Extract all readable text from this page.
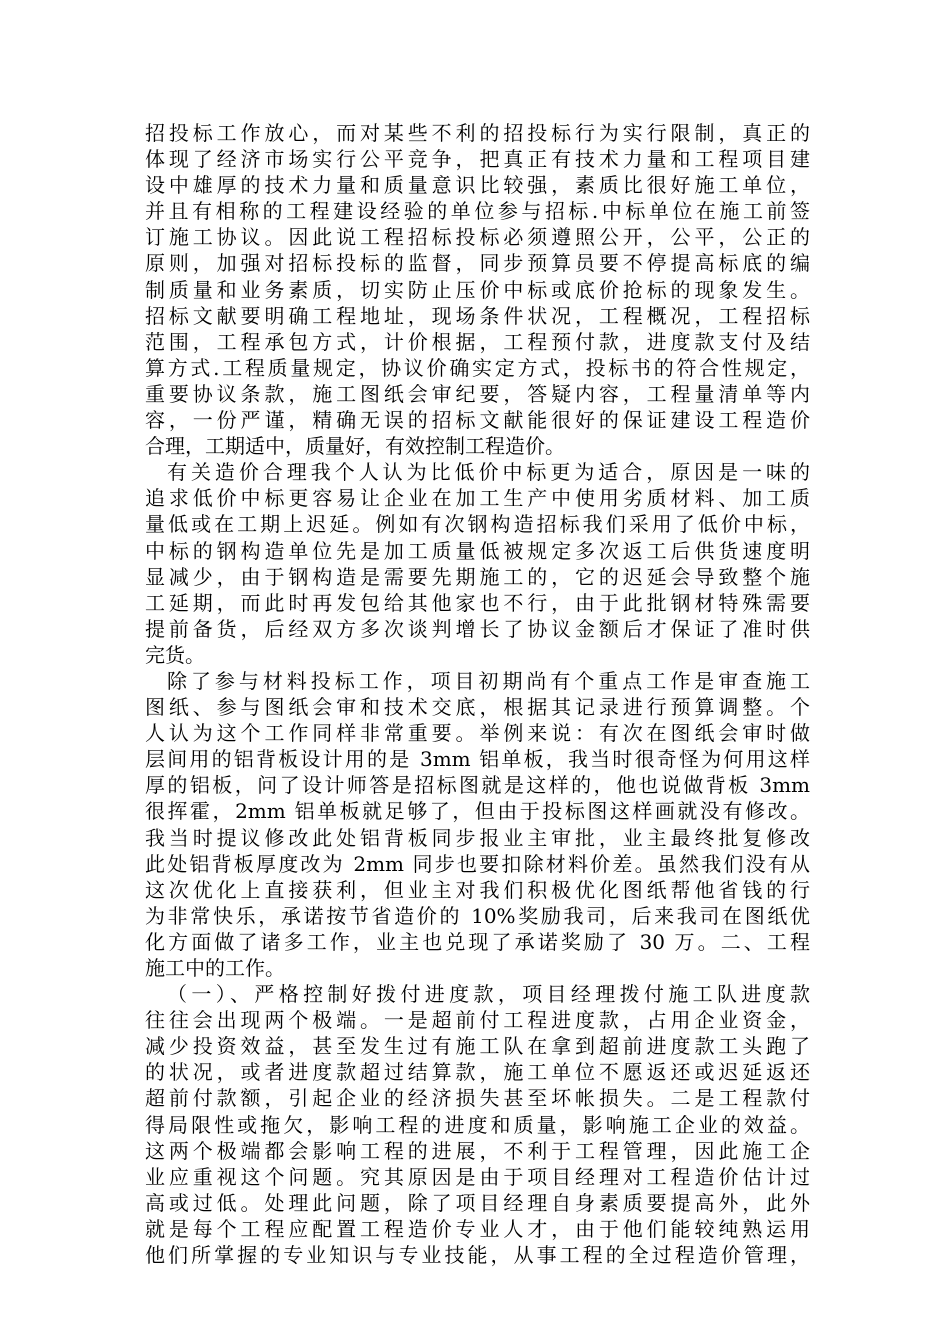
招投标工作放心，而对某些不利的招投标行为实行限制，真正的
体现了经济市场实行公平竞争，把真正有技术力量和工程项目建
设中雄厚的技术力量和质量意识比较强，素质比很好施工单位，
并且有相称的工程建设经验的单位参与招标.中标单位在施工前签
订施工协议。因此说工程招标投标必须遵照公开，公平，公正的
原则，加强对招标投标的监督，同步预算员要不停提高标底的编
制质量和业务素质，切实防止压价中标或底价抢标的现象发生。
招标文献要明确工程地址，现场条件状况，工程概况，工程招标
范围，工程承包方式，计价根据，工程预付款，进度款支付及结
算方式.工程质量规定，协议价确实定方式，投标书的符合性规定，
重要协议条款，施工图纸会审纪要，答疑内容，工程量清单等内
容，一份严谨，精确无误的招标文献能很好的保证建设工程造价
合理，工期适中，质量好，有效控制工程造价。
有关造价合理我个人认为比低价中标更为适合，原因是一味的
追求低价中标更容易让企业在加工生产中使用劣质材料、加工质
量低或在工期上迟延。例如有次钢构造招标我们采用了低价中标，
中标的钢构造单位先是加工质量低被规定多次返工后供货速度明
显减少，由于钢构造是需要先期施工的，它的迟延会导致整个施
工延期，而此时再发包给其他家也不行，由于此批钢材特殊需要
提前备货，后经双方多次谈判增长了协议金额后才保证了准时供
完货。
除了参与材料投标工作，项目初期尚有个重点工作是审查施工
图纸、参与图纸会审和技术交底，根据其记录进行预算调整。个
人认为这个工作同样非常重要。举例来说：有次在图纸会审时做
层间用的铝背板设计用的是 3mm 铝单板，我当时很奇怪为何用这样
厚的铝板，问了设计师答是招标图就是这样的，他也说做背板 3mm
很挥霍，2mm 铝单板就足够了，但由于投标图这样画就没有修改。
我当时提议修改此处铝背板同步报业主审批，业主最终批复修改
此处铝背板厚度改为 2mm 同步也要扣除材料价差。虽然我们没有从
这次优化上直接获利，但业主对我们积极优化图纸帮他省钱的行
为非常快乐，承诺按节省造价的 10%奖励我司，后来我司在图纸优
化方面做了诸多工作，业主也兑现了承诺奖励了 30 万。二、工程
施工中的工作。
（一）、严格控制好拨付进度款，项目经理拨付施工队进度款
往往会出现两个极端。一是超前付工程进度款，占用企业资金，
减少投资效益，甚至发生过有施工队在拿到超前进度款工头跑了
的状况，或者进度款超过结算款，施工单位不愿返还或迟延返还
超前付款额，引起企业的经济损失甚至坏帐损失。二是工程款付
得局限性或拖欠，影响工程的进度和质量，影响施工企业的效益。
这两个极端都会影响工程的进展，不利于工程管理，因此施工企
业应重视这个问题。究其原因是由于项目经理对工程造价估计过
高或过低。处理此问题，除了项目经理自身素质要提高外，此外
就是每个工程应配置工程造价专业人才，由于他们能较纯熟运用
他们所掌握的专业知识与专业技能，从事工程的全过程造价管理，
